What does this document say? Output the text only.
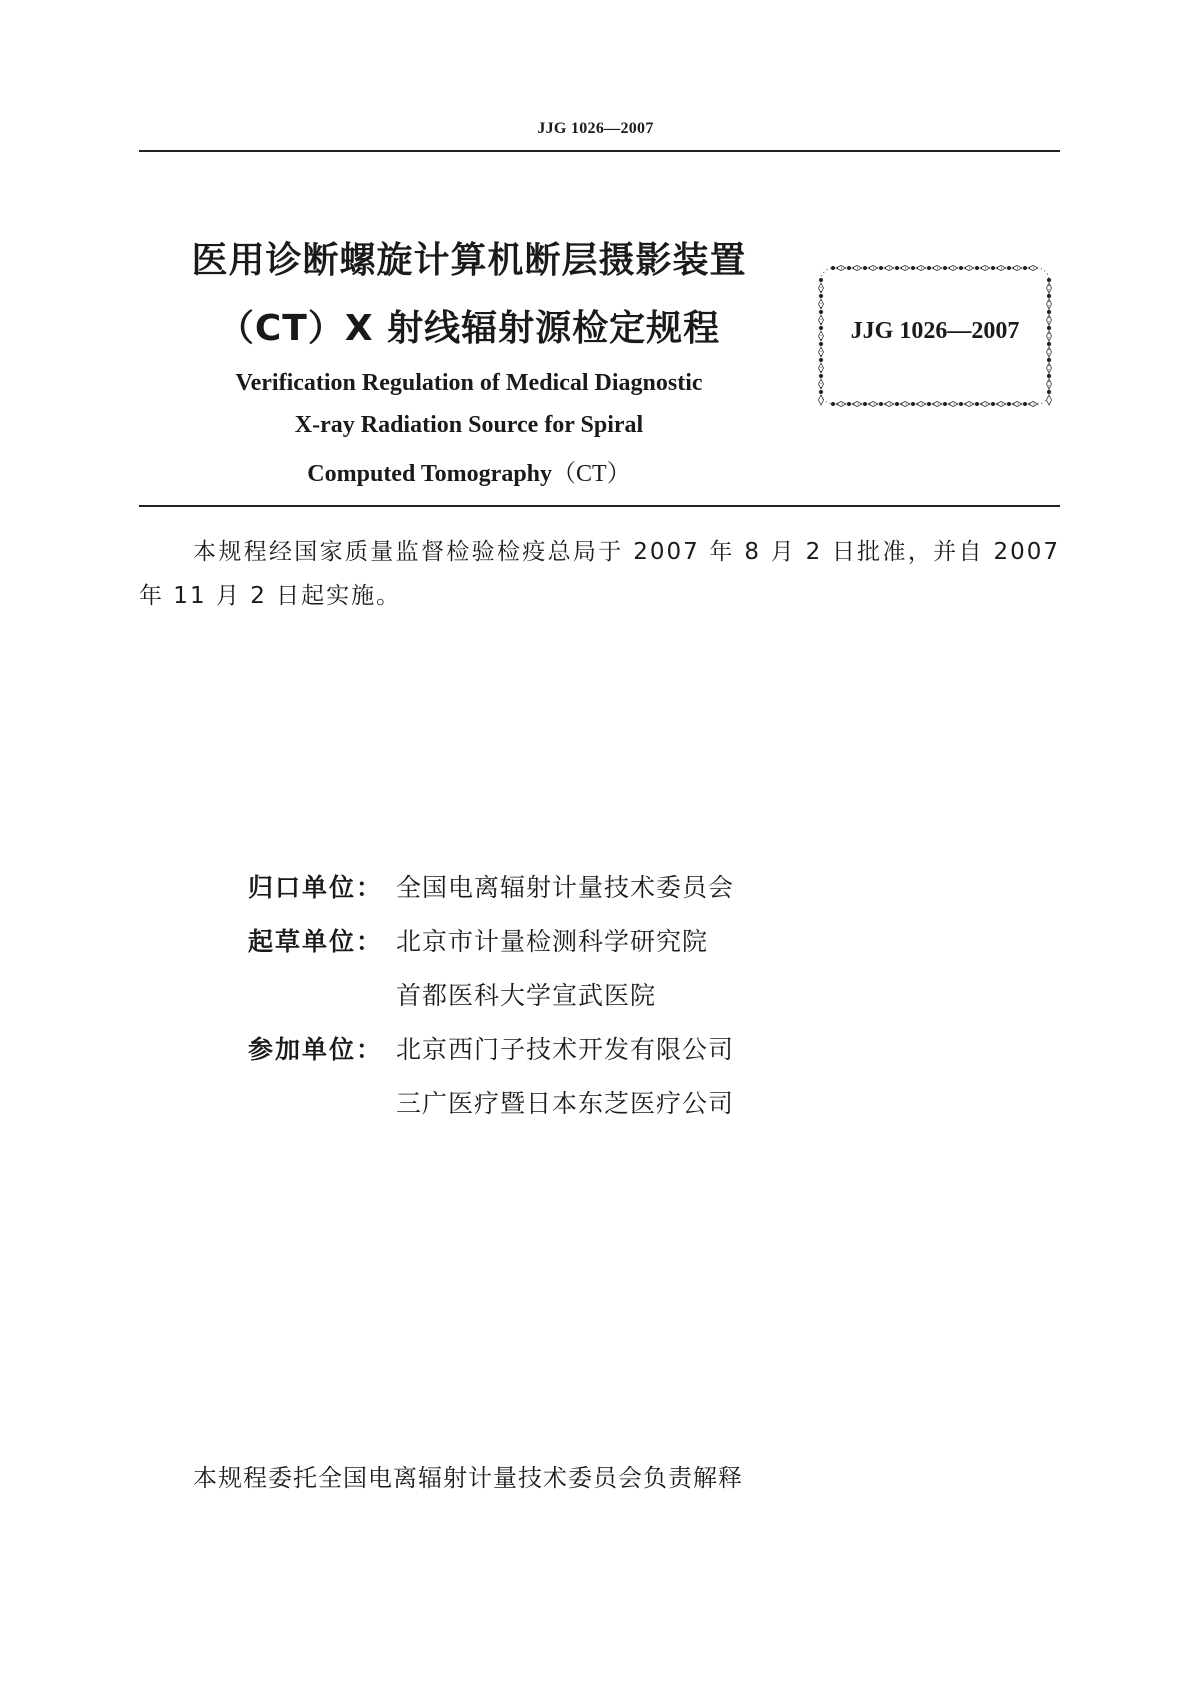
JJG 1026—2007
医用诊断螺旋计算机断层摄影装置
（CT）X 射线辐射源检定规程
Verification Regulation of Medical Diagnostic
X-ray Radiation Source for Spiral
Computed Tomography（CT）
JJG 1026—2007
本规程经国家质量监督检验检疫总局于 2007 年 8 月 2 日批准，并自 2007 年 11 月 2 日起实施。
归口单位： 全国电离辐射计量技术委员会
起草单位： 北京市计量检测科学研究院
首都医科大学宣武医院
参加单位： 北京西门子技术开发有限公司
三广医疗暨日本东芝医疗公司
本规程委托全国电离辐射计量技术委员会负责解释
